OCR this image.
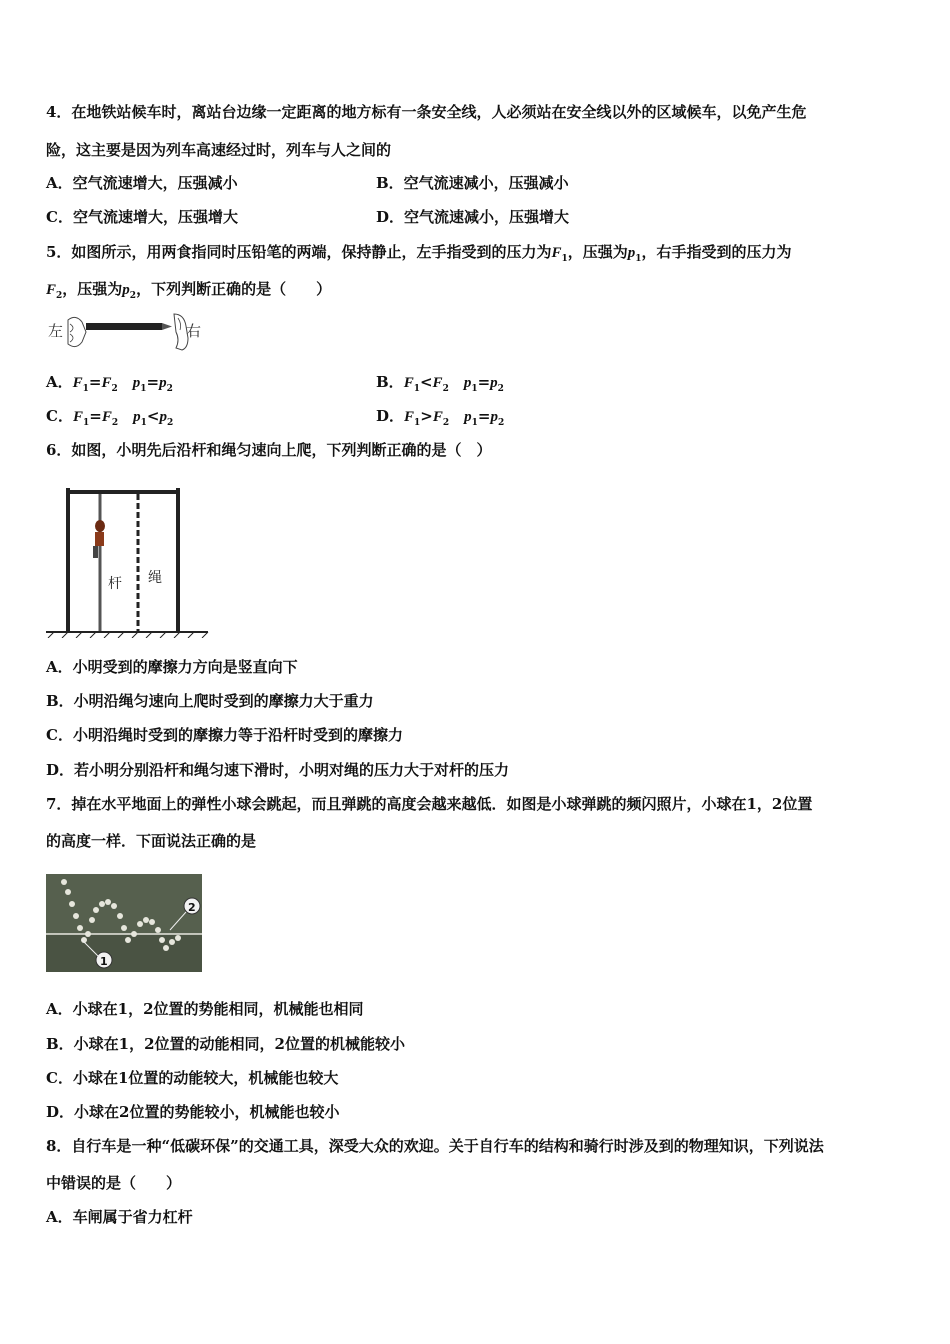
4．在地铁站候车时，离站台边缘一定距离的地方标有一条安全线，人必须站在安全线以外的区域候车，以免产生危
险，这主要是因为列车高速经过时，列车与人之间的
A．空气流速增大，压强减小	B．空气流速减小，压强减小
C．空气流速增大，压强增大	D．空气流速减小，压强增大
5．如图所示，用两食指同时压铅笔的两端，保持静止，左手指受到的压力为$F_1$，压强为$p_1$，右手指受到的压力为
$F_2$，压强为$p_2$，下列判断正确的是（　　）
左	右
A．$F_1=F_2$  $p_1=p_2$	B．$F_1<F_2$  $p_1=p_2$
C．$F_1=F_2$  $p_1<p_2$	D．$F_1>F_2$  $p_1=p_2$
6．如图，小明先后沿杆和绳匀速向上爬，下列判断正确的是（　）
杆 绳
A．小明受到的摩擦力方向是竖直向下
B．小明沿绳匀速向上爬时受到的摩擦力大于重力
C．小明沿绳时受到的摩擦力等于沿杆时受到的摩擦力
D．若小明分别沿杆和绳匀速下滑时，小明对绳的压力大于对杆的压力
7．掉在水平地面上的弹性小球会跳起，而且弹跳的高度会越来越低．如图是小球弹跳的频闪照片，小球在1，2位置
的高度一样．下面说法正确的是
1
2
A．小球在1，2位置的势能相同，机械能也相同
B．小球在1，2位置的动能相同，2位置的机械能较小
C．小球在1位置的动能较大，机械能也较大
D．小球在2位置的势能较小，机械能也较小
8．自行车是一种“低碳环保”的交通工具，深受大众的欢迎。关于自行车的结构和骑行时涉及到的物理知识，下列说法
中错误的是（　　）
A．车闸属于省力杠杆
